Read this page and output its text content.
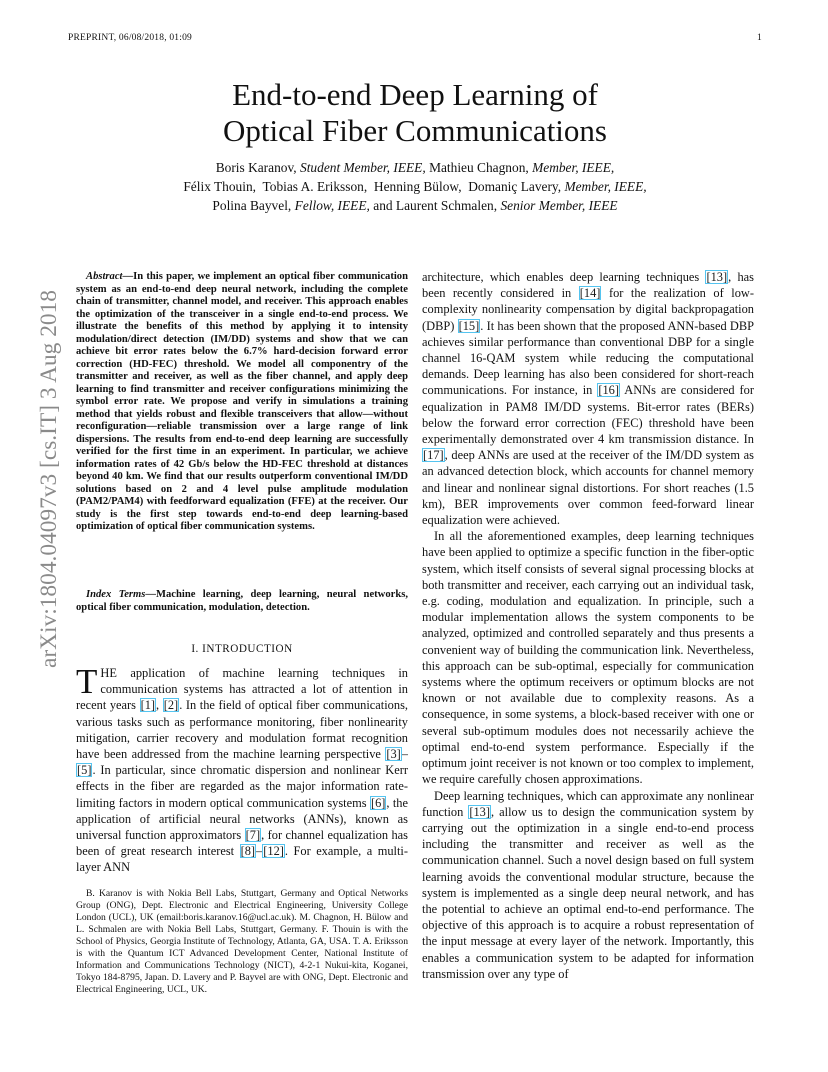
PREPRINT, 06/08/2018, 01:09	1
arXiv:1804.04097v3 [cs.IT] 3 Aug 2018
End-to-end Deep Learning of
Optical Fiber Communications
Boris Karanov, Student Member, IEEE, Mathieu Chagnon, Member, IEEE,
Félix Thouin, Tobias A. Eriksson, Henning Bülow, Domaniç Lavery, Member, IEEE,
Polina Bayvel, Fellow, IEEE, and Laurent Schmalen, Senior Member, IEEE
Abstract—In this paper, we implement an optical fiber communication system as an end-to-end deep neural network, including the complete chain of transmitter, channel model, and receiver. This approach enables the optimization of the transceiver in a single end-to-end process. We illustrate the benefits of this method by applying it to intensity modulation/direct detection (IM/DD) systems and show that we can achieve bit error rates below the 6.7% hard-decision forward error correction (HD-FEC) threshold. We model all componentry of the transmitter and receiver, as well as the fiber channel, and apply deep learning to find transmitter and receiver configurations minimizing the symbol error rate. We propose and verify in simulations a training method that yields robust and flexible transceivers that allow—without reconfiguration—reliable transmission over a large range of link dispersions. The results from end-to-end deep learning are successfully verified for the first time in an experiment. In particular, we achieve information rates of 42 Gb/s below the HD-FEC threshold at distances beyond 40 km. We find that our results outperform conventional IM/DD solutions based on 2 and 4 level pulse amplitude modulation (PAM2/PAM4) with feedforward equalization (FFE) at the receiver. Our study is the first step towards end-to-end deep learning-based optimization of optical fiber communication systems.
Index Terms—Machine learning, deep learning, neural networks, optical fiber communication, modulation, detection.
I. INTRODUCTION
THE application of machine learning techniques in communication systems has attracted a lot of attention in recent years [1], [2]. In the field of optical fiber communications, various tasks such as performance monitoring, fiber nonlinearity mitigation, carrier recovery and modulation format recognition have been addressed from the machine learning perspective [3]–[5]. In particular, since chromatic dispersion and nonlinear Kerr effects in the fiber are regarded as the major information rate-limiting factors in modern optical communication systems [6], the application of artificial neural networks (ANNs), known as universal function approximators [7], for channel equalization has been of great research interest [8]–[12]. For example, a multi-layer ANN
B. Karanov is with Nokia Bell Labs, Stuttgart, Germany and Optical Networks Group (ONG), Dept. Electronic and Electrical Engineering, University College London (UCL), UK (email:boris.karanov.16@ucl.ac.uk). M. Chagnon, H. Bülow and L. Schmalen are with Nokia Bell Labs, Stuttgart, Germany. F. Thouin is with the School of Physics, Georgia Institute of Technology, Atlanta, GA, USA. T. A. Eriksson is with the Quantum ICT Advanced Development Center, National Institute of Information and Communications Technology (NICT), 4-2-1 Nukui-kita, Koganei, Tokyo 184-8795, Japan. D. Lavery and P. Bayvel are with ONG, Dept. Electronic and Electrical Engineering, UCL, UK.

architecture, which enables deep learning techniques [13], has been recently considered in [14] for the realization of low-complexity nonlinearity compensation by digital backpropagation (DBP) [15]. It has been shown that the proposed ANN-based DBP achieves similar performance than conventional DBP for a single channel 16-QAM system while reducing the computational demands. Deep learning has also been considered for short-reach communications. For instance, in [16] ANNs are considered for equalization in PAM8 IM/DD systems. Bit-error rates (BERs) below the forward error correction (FEC) threshold have been experimentally demonstrated over 4 km transmission distance. In [17], deep ANNs are used at the receiver of the IM/DD system as an advanced detection block, which accounts for channel memory and linear and nonlinear signal distortions. For short reaches (1.5 km), BER improvements over common feed-forward linear equalization were achieved.

In all the aforementioned examples, deep learning techniques have been applied to optimize a specific function in the fiber-optic system, which itself consists of several signal processing blocks at both transmitter and receiver, each carrying out an individual task, e.g. coding, modulation and equalization. In principle, such a modular implementation allows the system components to be analyzed, optimized and controlled separately and thus presents a convenient way of building the communication link. Nevertheless, this approach can be sub-optimal, especially for communication systems where the optimum receivers or optimum blocks are not known or not available due to complexity reasons. As a consequence, in some systems, a block-based receiver with one or several sub-optimum modules does not necessarily achieve the optimal end-to-end system performance. Especially if the optimum joint receiver is not known or too complex to implement, we require carefully chosen approximations.

Deep learning techniques, which can approximate any nonlinear function [13], allow us to design the communication system by carrying out the optimization in a single end-to-end process including the transmitter and receiver as well as the communication channel. Such a novel design based on full system learning avoids the conventional modular structure, because the system is implemented as a single deep neural network, and has the potential to achieve an optimal end-to-end performance. The objective of this approach is to acquire a robust representation of the input message at every layer of the network. Importantly, this enables a communication system to be adapted for information transmission over any type of
